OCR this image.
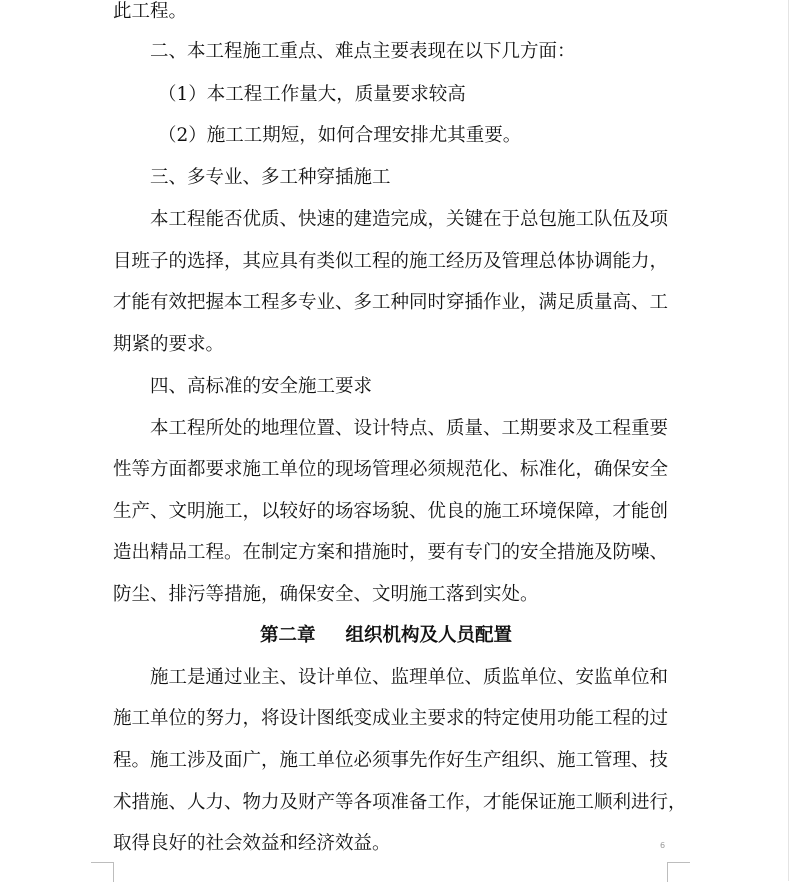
此工程。
二、本工程施工重点、难点主要表现在以下几方面：
（1）本工程工作量大，质量要求较高
（2）施工工期短，如何合理安排尤其重要。
三、多专业、多工种穿插施工
本工程能否优质、快速的建造完成，关键在于总包施工队伍及项
目班子的选择，其应具有类似工程的施工经历及管理总体协调能力，
才能有效把握本工程多专业、多工种同时穿插作业，满足质量高、工
期紧的要求。
四、高标准的安全施工要求
本工程所处的地理位置、设计特点、质量、工期要求及工程重要
性等方面都要求施工单位的现场管理必须规范化、标准化，确保安全
生产、文明施工，以较好的场容场貌、优良的施工环境保障，才能创
造出精品工程。在制定方案和措施时，要有专门的安全措施及防噪、
防尘、排污等措施，确保安全、文明施工落到实处。
第二章 组织机构及人员配置
施工是通过业主、设计单位、监理单位、质监单位、安监单位和
施工单位的努力，将设计图纸变成业主要求的特定使用功能工程的过
程。施工涉及面广，施工单位必须事先作好生产组织、施工管理、技
术措施、人力、物力及财产等各项准备工作，才能保证施工顺利进行，
取得良好的社会效益和经济效益。	6
